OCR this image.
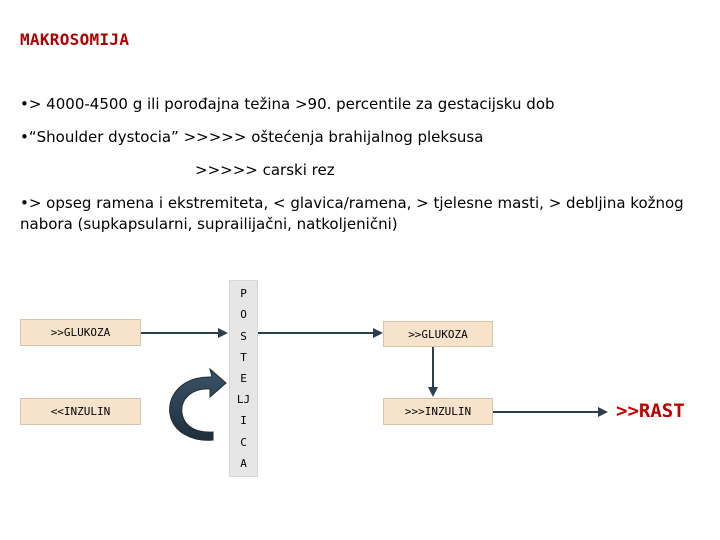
MAKROSOMIJA
•> 4000-4500 g ili porođajna težina >90. percentile za gestacijsku dob
•“Shoulder dystocia” >>>>> oštećenja brahijalnog pleksusa
>>>>> carski rez
•> opseg ramena i ekstremiteta, < glavica/ramena, > tjelesne masti, > debljina kožnog nabora (supkapsularni, suprailijačni, natkoljenični)
>>GLUKOZA
<<INZULIN
P
O
S
T
E
LJ
I
C
A
>>GLUKOZA
>>>INZULIN	>>RAST
